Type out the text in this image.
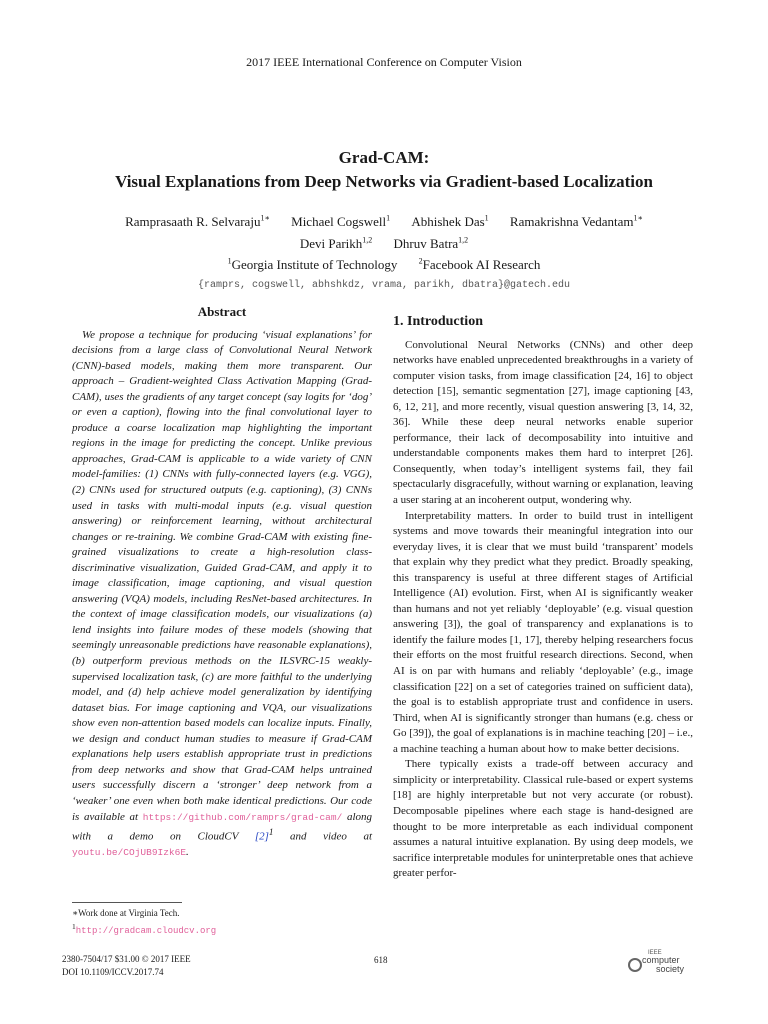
2017 IEEE International Conference on Computer Vision
Grad-CAM:
Visual Explanations from Deep Networks via Gradient-based Localization
Ramprasaath R. Selvaraju$^{1∗}$ Michael Cogswell$^1$ Abhishek Das$^1$ Ramakrishna Vedantam$^{1∗}$
Devi Parikh$^{1,2}$ Dhruv Batra$^{1,2}$
$^1$Georgia Institute of Technology	$^2$Facebook AI Research
{ramprs, cogswell, abhshkdz, vrama, parikh, dbatra}@gatech.edu
Abstract
We propose a technique for producing ‘visual explanations’ for decisions from a large class of Convolutional Neural Network (CNN)-based models, making them more transparent. Our approach – Gradient-weighted Class Activation Mapping (Grad-CAM), uses the gradients of any target concept (say logits for ‘dog’ or even a caption), flowing into the final convolutional layer to produce a coarse localization map highlighting the important regions in the image for predicting the concept. Unlike previous approaches, Grad-CAM is applicable to a wide variety of CNN model-families: (1) CNNs with fully-connected layers (e.g. VGG), (2) CNNs used for structured outputs (e.g. captioning), (3) CNNs used in tasks with multi-modal inputs (e.g. visual question answering) or reinforcement learning, without architectural changes or re-training. We combine Grad-CAM with existing fine-grained visualizations to create a high-resolution class-discriminative visualization, Guided Grad-CAM, and apply it to image classification, image captioning, and visual question answering (VQA) models, including ResNet-based architectures. In the context of image classification models, our visualizations (a) lend insights into failure modes of these models (showing that seemingly unreasonable predictions have reasonable explanations), (b) outperform previous methods on the ILSVRC-15 weakly-supervised localization task, (c) are more faithful to the underlying model, and (d) help achieve model generalization by identifying dataset bias. For image captioning and VQA, our visualizations show even non-attention based models can localize inputs. Finally, we design and conduct human studies to measure if Grad-CAM explanations help users establish appropriate trust in predictions from deep networks and show that Grad-CAM helps untrained users successfully discern a ‘stronger’ deep network from a ‘weaker’ one even when both make identical predictions. Our code is available at https://github.com/ramprs/grad-cam/ along with a demo on CloudCV $[2]^1$ and video at youtu.be/COjUB9Izk6E.
∗Work done at Virginia Tech.
$^1$http://gradcam.cloudcv.org
1. Introduction

Convolutional Neural Networks (CNNs) and other deep networks have enabled unprecedented breakthroughs in a variety of computer vision tasks, from image classification [24, 16] to object detection [15], semantic segmentation [27], image captioning [43, 6, 12, 21], and more recently, visual question answering [3, 14, 32, 36]. While these deep neural networks enable superior performance, their lack of decomposability into intuitive and understandable components makes them hard to interpret [26]. Consequently, when today’s intelligent systems fail, they fail spectacularly disgracefully, without warning or explanation, leaving a user staring at an incoherent output, wondering why.

Interpretability matters. In order to build trust in intelligent systems and move towards their meaningful integration into our everyday lives, it is clear that we must build ‘transparent’ models that explain why they predict what they predict. Broadly speaking, this transparency is useful at three different stages of Artificial Intelligence (AI) evolution. First, when AI is significantly weaker than humans and not yet reliably ‘deployable’ (e.g. visual question answering [3]), the goal of transparency and explanations is to identify the failure modes [1, 17], thereby helping researchers focus their efforts on the most fruitful research directions. Second, when AI is on par with humans and reliably ‘deployable’ (e.g., image classification [22] on a set of categories trained on sufficient data), the goal is to establish appropriate trust and confidence in users. Third, when AI is significantly stronger than humans (e.g. chess or Go [39]), the goal of explanations is in machine teaching [20] – i.e., a machine teaching a human about how to make better decisions.

There typically exists a trade-off between accuracy and simplicity or interpretability. Classical rule-based or expert systems [18] are highly interpretable but not very accurate (or robust). Decomposable pipelines where each stage is hand-designed are thought to be more interpretable as each individual component assumes a natural intuitive explanation. By using deep models, we sacrifice interpretable modules for uninterpretable ones that achieve greater perfor-

2380-7504/17 $31.00 © 2017 IEEE
DOI 10.1109/ICCV.2017.74
618
IEEE
computer
society
